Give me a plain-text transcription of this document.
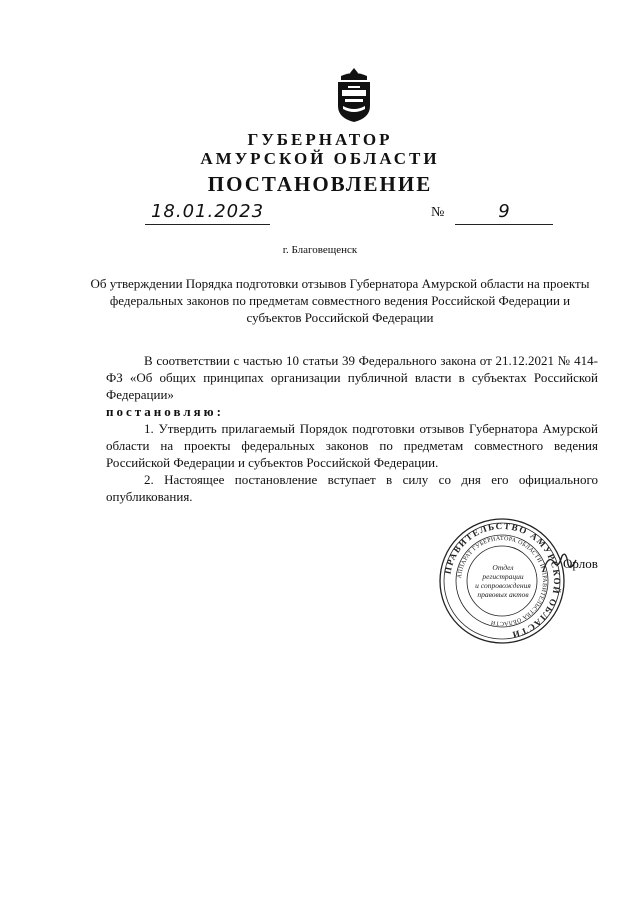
ГУБЕРНАТОР
АМУРСКОЙ ОБЛАСТИ
ПОСТАНОВЛЕНИЕ
18.01.2023	№	9
г. Благовещенск
Об утверждении Порядка подготовки отзывов Губернатора Амурской области на проекты федеральных законов по предметам совместного ведения Российской Федерации и субъектов Российской Федерации

В соответствии с частью 10 статьи 39 Федерального закона от 21.12.2021 № 414-ФЗ «Об общих принципах организации публичной власти в субъектах Российской Федерации»

постановляю:

1. Утвердить прилагаемый Порядок подготовки отзывов Губернатора Амурской области на проекты федеральных законов по предметам совместного ведения Российской Федерации и субъектов Российской Федерации.

2. Настоящее постановление вступает в силу со дня его официального опубликования.

ПРАВИТЕЛЬСТВО АМУРСКОЙ ОБЛАСТИ
АППАРАТ ГУБЕРНАТОРА ОБЛАСТИ И ПРАВИТЕЛЬСТВА ОБЛАСТИ
Отдел
регистрации
и сопровождения
правовых актов
Орлов
